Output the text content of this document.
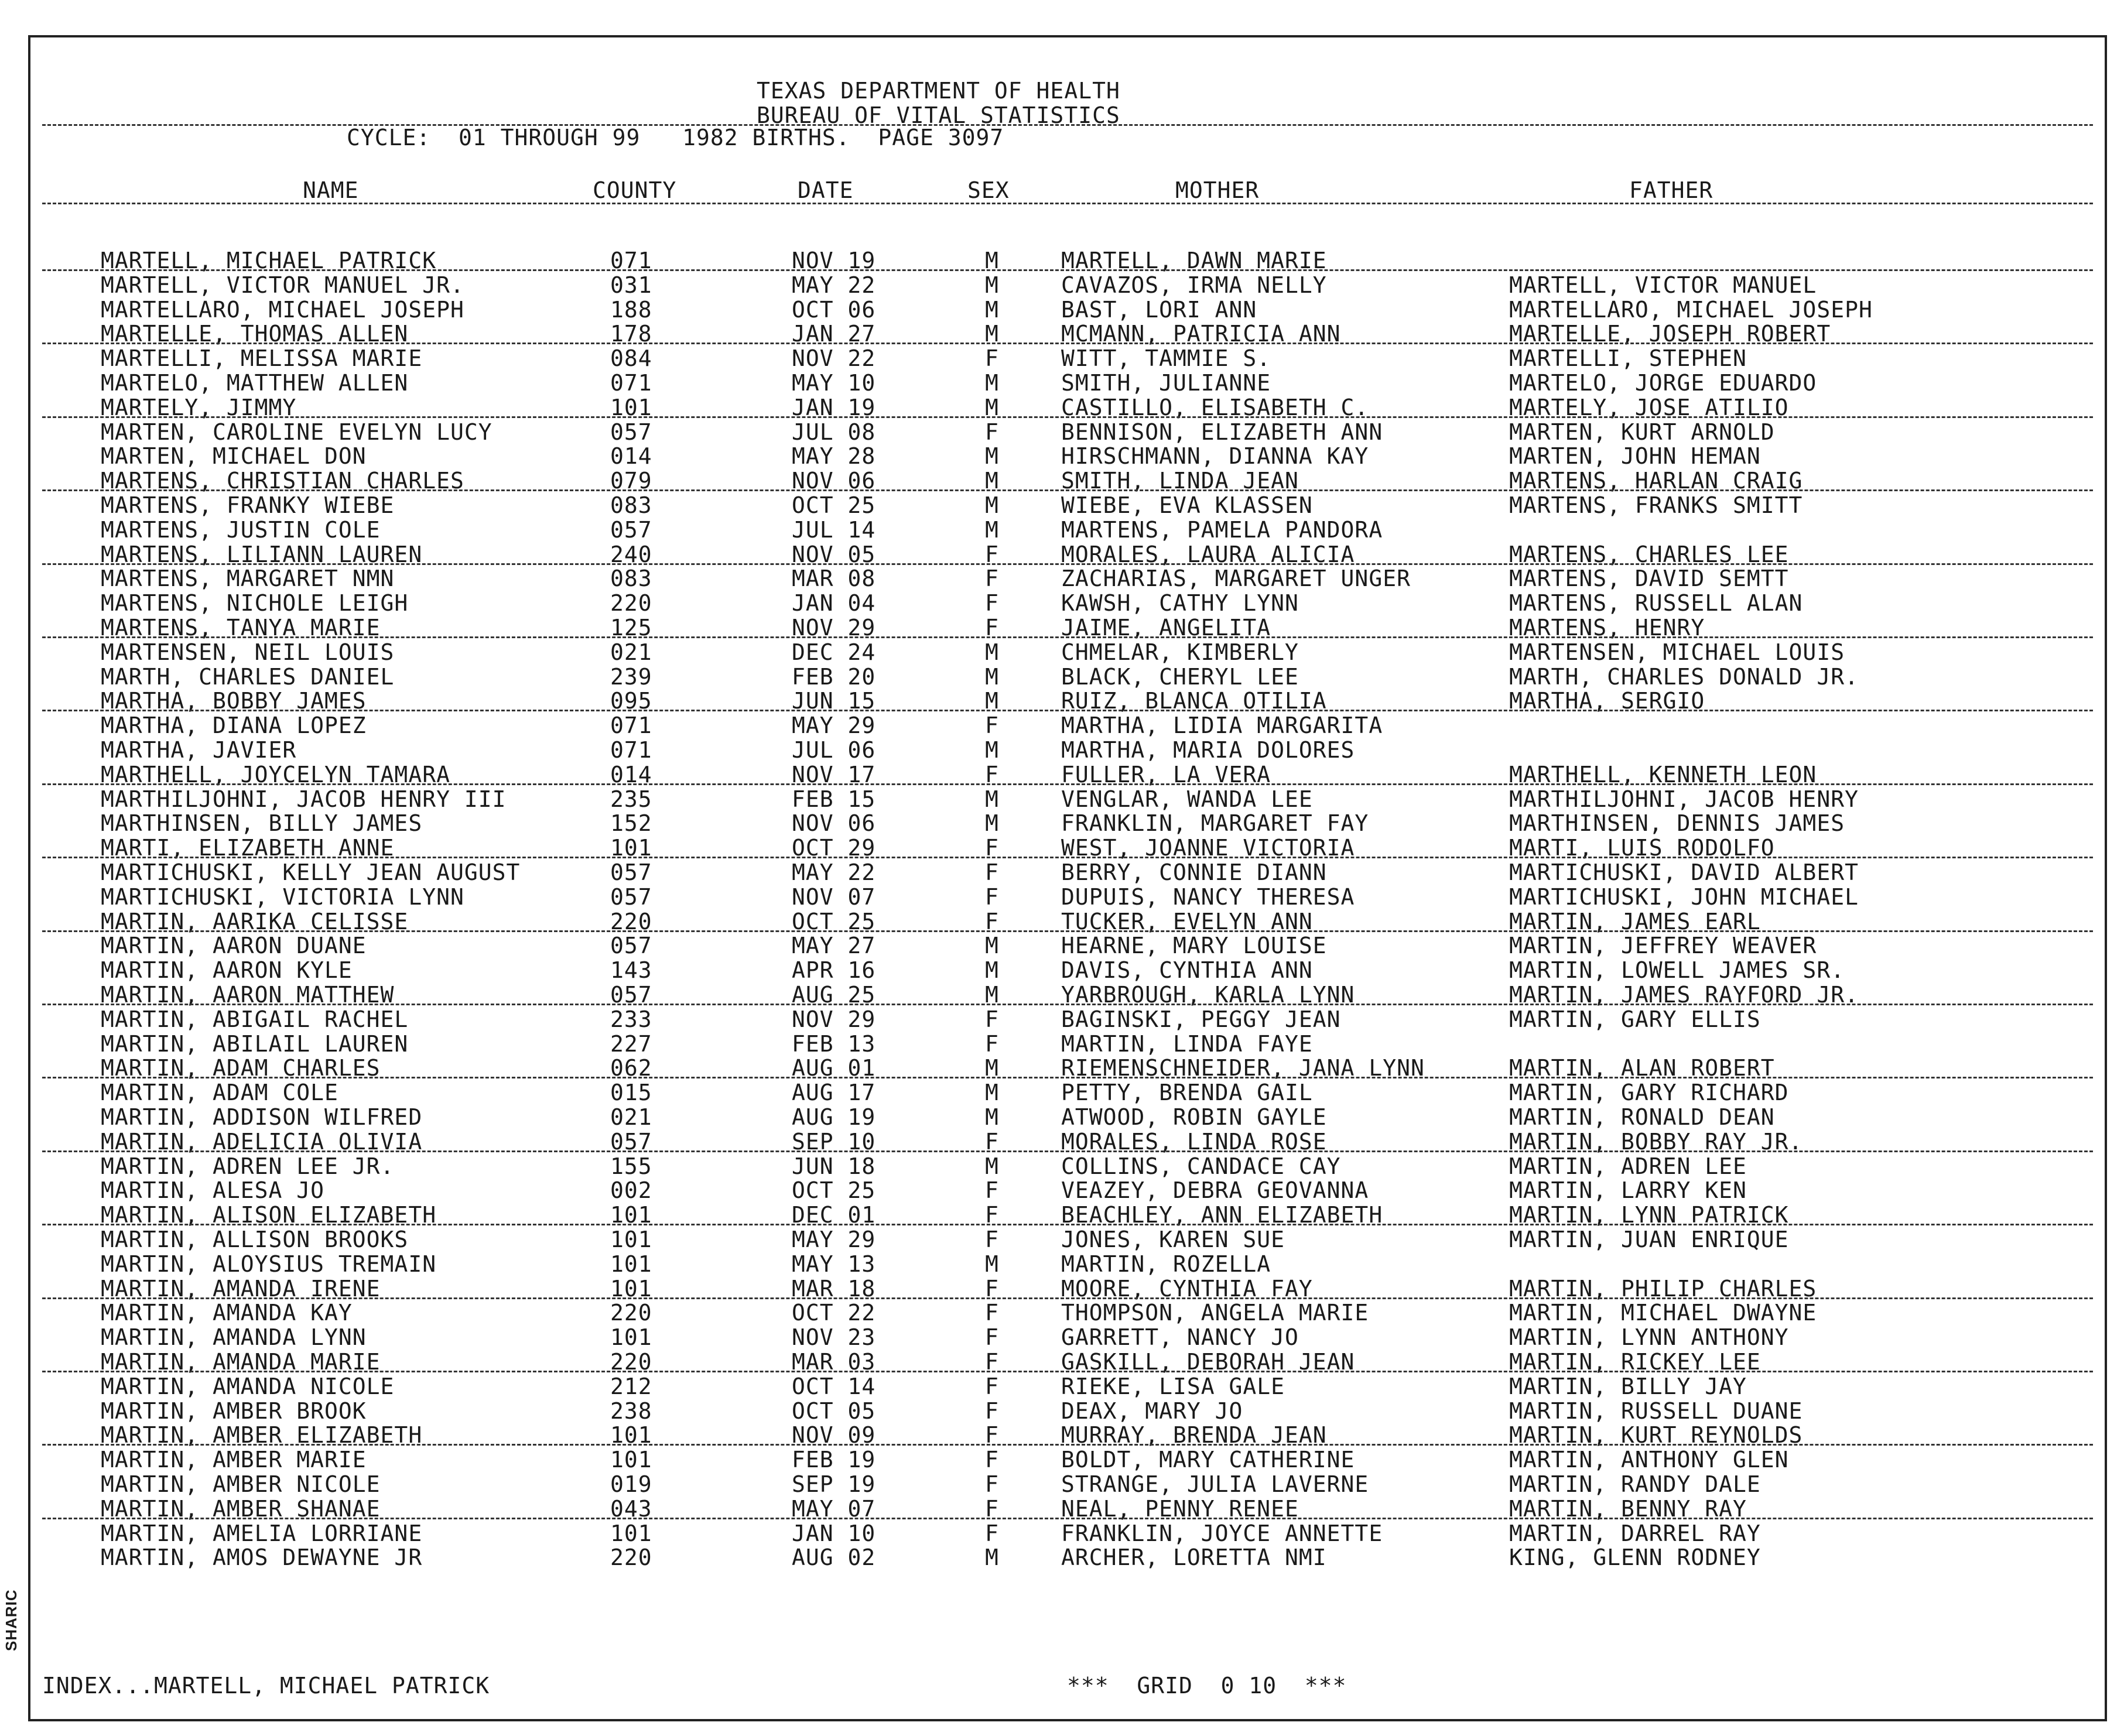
TEXAS DEPARTMENT OF HEALTH
BUREAU OF VITAL STATISTICS
CYCLE:  01 THROUGH 99   1982 BIRTHS.  PAGE 3097
NAME	COUNTY	DATE	SEX	MOTHER	FATHER
MARTELL, MICHAEL PATRICK	071	NOV 19	M	MARTELL, DAWN MARIE
MARTELL, VICTOR MANUEL JR.	031	MAY 22	M	CAVAZOS, IRMA NELLY	MARTELL, VICTOR MANUEL
MARTELLARO, MICHAEL JOSEPH	188	OCT 06	M	BAST, LORI ANN	MARTELLARO, MICHAEL JOSEPH
MARTELLE, THOMAS ALLEN	178	JAN 27	M	MCMANN, PATRICIA ANN	MARTELLE, JOSEPH ROBERT
MARTELLI, MELISSA MARIE	084	NOV 22	F	WITT, TAMMIE S.	MARTELLI, STEPHEN
MARTELO, MATTHEW ALLEN	071	MAY 10	M	SMITH, JULIANNE	MARTELO, JORGE EDUARDO
MARTELY, JIMMY	101	JAN 19	M	CASTILLO, ELISABETH C.	MARTELY, JOSE ATILIO
MARTEN, CAROLINE EVELYN LUCY	057	JUL 08	F	BENNISON, ELIZABETH ANN	MARTEN, KURT ARNOLD
MARTEN, MICHAEL DON	014	MAY 28	M	HIRSCHMANN, DIANNA KAY	MARTEN, JOHN HEMAN
MARTENS, CHRISTIAN CHARLES	079	NOV 06	M	SMITH, LINDA JEAN	MARTENS, HARLAN CRAIG
MARTENS, FRANKY WIEBE	083	OCT 25	M	WIEBE, EVA KLASSEN	MARTENS, FRANKS SMITT
MARTENS, JUSTIN COLE	057	JUL 14	M	MARTENS, PAMELA PANDORA
MARTENS, LILIANN LAUREN	240	NOV 05	F	MORALES, LAURA ALICIA	MARTENS, CHARLES LEE
MARTENS, MARGARET NMN	083	MAR 08	F	ZACHARIAS, MARGARET UNGER	MARTENS, DAVID SEMTT
MARTENS, NICHOLE LEIGH	220	JAN 04	F	KAWSH, CATHY LYNN	MARTENS, RUSSELL ALAN
MARTENS, TANYA MARIE	125	NOV 29	F	JAIME, ANGELITA	MARTENS, HENRY
MARTENSEN, NEIL LOUIS	021	DEC 24	M	CHMELAR, KIMBERLY	MARTENSEN, MICHAEL LOUIS
MARTH, CHARLES DANIEL	239	FEB 20	M	BLACK, CHERYL LEE	MARTH, CHARLES DONALD JR.
MARTHA, BOBBY JAMES	095	JUN 15	M	RUIZ, BLANCA OTILIA	MARTHA, SERGIO
MARTHA, DIANA LOPEZ	071	MAY 29	F	MARTHA, LIDIA MARGARITA
MARTHA, JAVIER	071	JUL 06	M	MARTHA, MARIA DOLORES
MARTHELL, JOYCELYN TAMARA	014	NOV 17	F	FULLER, LA VERA	MARTHELL, KENNETH LEON
MARTHILJOHNI, JACOB HENRY III	235	FEB 15	M	VENGLAR, WANDA LEE	MARTHILJOHNI, JACOB HENRY
MARTHINSEN, BILLY JAMES	152	NOV 06	M	FRANKLIN, MARGARET FAY	MARTHINSEN, DENNIS JAMES
MARTI, ELIZABETH ANNE	101	OCT 29	F	WEST, JOANNE VICTORIA	MARTI, LUIS RODOLFO
MARTICHUSKI, KELLY JEAN AUGUST	057	MAY 22	F	BERRY, CONNIE DIANN	MARTICHUSKI, DAVID ALBERT
MARTICHUSKI, VICTORIA LYNN	057	NOV 07	F	DUPUIS, NANCY THERESA	MARTICHUSKI, JOHN MICHAEL
MARTIN, AARIKA CELISSE	220	OCT 25	F	TUCKER, EVELYN ANN	MARTIN, JAMES EARL
MARTIN, AARON DUANE	057	MAY 27	M	HEARNE, MARY LOUISE	MARTIN, JEFFREY WEAVER
MARTIN, AARON KYLE	143	APR 16	M	DAVIS, CYNTHIA ANN	MARTIN, LOWELL JAMES SR.
MARTIN, AARON MATTHEW	057	AUG 25	M	YARBROUGH, KARLA LYNN	MARTIN, JAMES RAYFORD JR.
MARTIN, ABIGAIL RACHEL	233	NOV 29	F	BAGINSKI, PEGGY JEAN	MARTIN, GARY ELLIS
MARTIN, ABILAIL LAUREN	227	FEB 13	F	MARTIN, LINDA FAYE
MARTIN, ADAM CHARLES	062	AUG 01	M	RIEMENSCHNEIDER, JANA LYNN	MARTIN, ALAN ROBERT
MARTIN, ADAM COLE	015	AUG 17	M	PETTY, BRENDA GAIL	MARTIN, GARY RICHARD
MARTIN, ADDISON WILFRED	021	AUG 19	M	ATWOOD, ROBIN GAYLE	MARTIN, RONALD DEAN
MARTIN, ADELICIA OLIVIA	057	SEP 10	F	MORALES, LINDA ROSE	MARTIN, BOBBY RAY JR.
MARTIN, ADREN LEE JR.	155	JUN 18	M	COLLINS, CANDACE CAY	MARTIN, ADREN LEE
MARTIN, ALESA JO	002	OCT 25	F	VEAZEY, DEBRA GEOVANNA	MARTIN, LARRY KEN
MARTIN, ALISON ELIZABETH	101	DEC 01	F	BEACHLEY, ANN ELIZABETH	MARTIN, LYNN PATRICK
MARTIN, ALLISON BROOKS	101	MAY 29	F	JONES, KAREN SUE	MARTIN, JUAN ENRIQUE
MARTIN, ALOYSIUS TREMAIN	101	MAY 13	M	MARTIN, ROZELLA
MARTIN, AMANDA IRENE	101	MAR 18	F	MOORE, CYNTHIA FAY	MARTIN, PHILIP CHARLES
MARTIN, AMANDA KAY	220	OCT 22	F	THOMPSON, ANGELA MARIE	MARTIN, MICHAEL DWAYNE
MARTIN, AMANDA LYNN	101	NOV 23	F	GARRETT, NANCY JO	MARTIN, LYNN ANTHONY
MARTIN, AMANDA MARIE	220	MAR 03	F	GASKILL, DEBORAH JEAN	MARTIN, RICKEY LEE
MARTIN, AMANDA NICOLE	212	OCT 14	F	RIEKE, LISA GALE	MARTIN, BILLY JAY
MARTIN, AMBER BROOK	238	OCT 05	F	DEAX, MARY JO	MARTIN, RUSSELL DUANE
MARTIN, AMBER ELIZABETH	101	NOV 09	F	MURRAY, BRENDA JEAN	MARTIN, KURT REYNOLDS
MARTIN, AMBER MARIE	101	FEB 19	F	BOLDT, MARY CATHERINE	MARTIN, ANTHONY GLEN
MARTIN, AMBER NICOLE	019	SEP 19	F	STRANGE, JULIA LAVERNE	MARTIN, RANDY DALE
MARTIN, AMBER SHANAE	043	MAY 07	F	NEAL, PENNY RENEE	MARTIN, BENNY RAY
MARTIN, AMELIA LORRIANE	101	JAN 10	F	FRANKLIN, JOYCE ANNETTE	MARTIN, DARREL RAY
MARTIN, AMOS DEWAYNE JR	220	AUG 02	M	ARCHER, LORETTA NMI	KING, GLENN RODNEY
INDEX...MARTELL, MICHAEL PATRICK	***  GRID  0 10  ***
SHARIC
